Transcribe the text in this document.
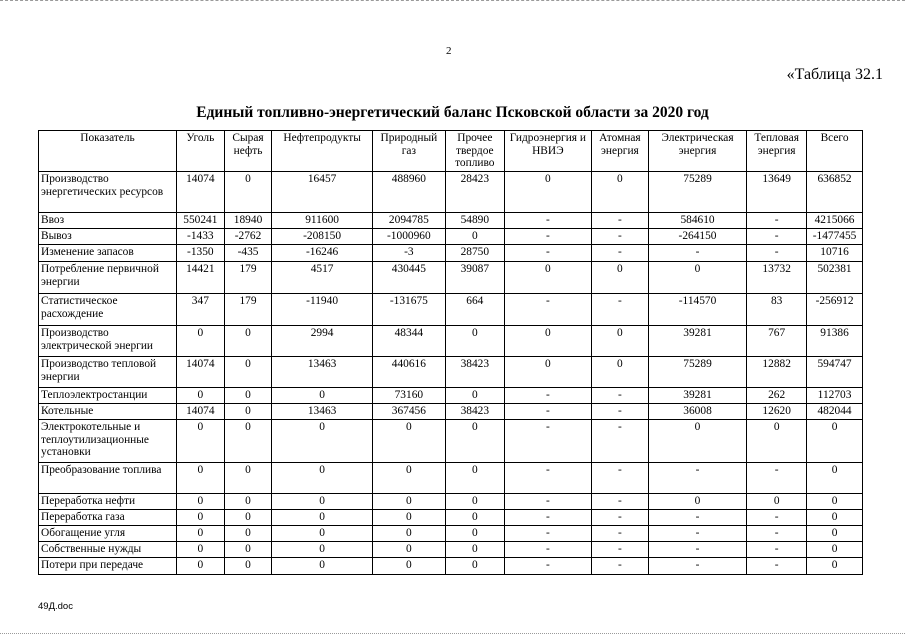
2
«Таблица 32.1
Единый топливно-энергетический баланс Псковской области за 2020 год
Показатель	Уголь	Сырая нефть	Нефтепродукты	Природный газ	Прочее твердое топливо	Гидроэнергия и НВИЭ	Атомная энергия	Электрическая энергия	Тепловая энергия	Всего
Производство энергетических ресурсов	14074	0	16457	488960	28423	0	0	75289	13649	636852
Ввоз	550241	18940	911600	2094785	54890	-	-	584610	-	4215066
Вывоз	-1433	-2762	-208150	-1000960	0	-	-	-264150	-	-1477455
Изменение запасов	-1350	-435	-16246	-3	28750	-	-	-	-	10716
Потребление первичной энергии	14421	179	4517	430445	39087	0	0	0	13732	502381
Статистическое расхождение	347	179	-11940	-131675	664	-	-	-114570	83	-256912
Производство электрической энергии	0	0	2994	48344	0	0	0	39281	767	91386
Производство тепловой энергии	14074	0	13463	440616	38423	0	0	75289	12882	594747
Теплоэлектростанции	0	0	0	73160	0	-	-	39281	262	112703
Котельные	14074	0	13463	367456	38423	-	-	36008	12620	482044
Электрокотельные и теплоутилизационные установки	0	0	0	0	0	-	-	0	0	0
Преобразование топлива	0	0	0	0	0	-	-	-	-	0
Переработка нефти	0	0	0	0	0	-	-	0	0	0
Переработка газа	0	0	0	0	0	-	-	-	-	0
Обогащение угля	0	0	0	0	0	-	-	-	-	0
Собственные нужды	0	0	0	0	0	-	-	-	-	0
Потери при передаче	0	0	0	0	0	-	-	-	-	0
49Д.doc
